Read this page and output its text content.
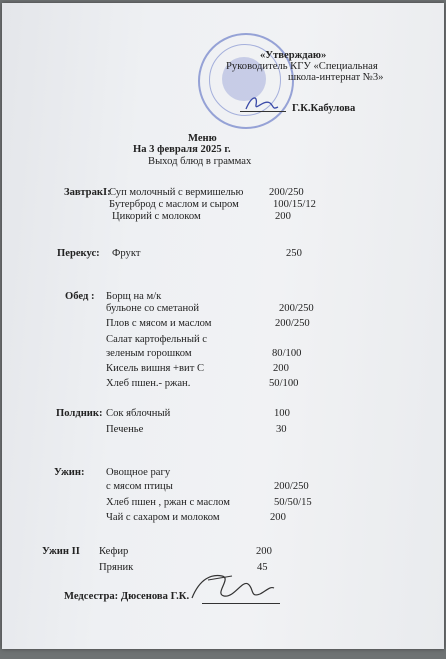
«Утверждаю»
Руководитель КГУ «Специальная
школа-интернат №3»
Г.К.Кабулова
Меню
На 3 февраля 2025 г.
Выход блюд в граммах
ЗавтракI:
Суп молочный с вермишелью 200/250
Бутерброд с маслом и сыром	100/15/12
Цикорий с молоком	200
Перекус: Фрукт	250
Обед : Борщ на м/к
бульоне со сметаной	200/250
Плов с мясом и маслом	200/250
Салат картофельный с
зеленым горошком	80/100
Кисель вишня +вит С	200
Хлеб пшен.- ржан.	50/100
Полдник: Сок яблочный	100
Печенье	30
Ужин: Овощное рагу
с мясом птицы	200/250
Хлеб пшен , ржан с маслом	50/50/15
Чай с сахаром и молоком	200
Ужин II Кефир	200
Пряник	45
Медсестра: Дюсенова Г.К.
